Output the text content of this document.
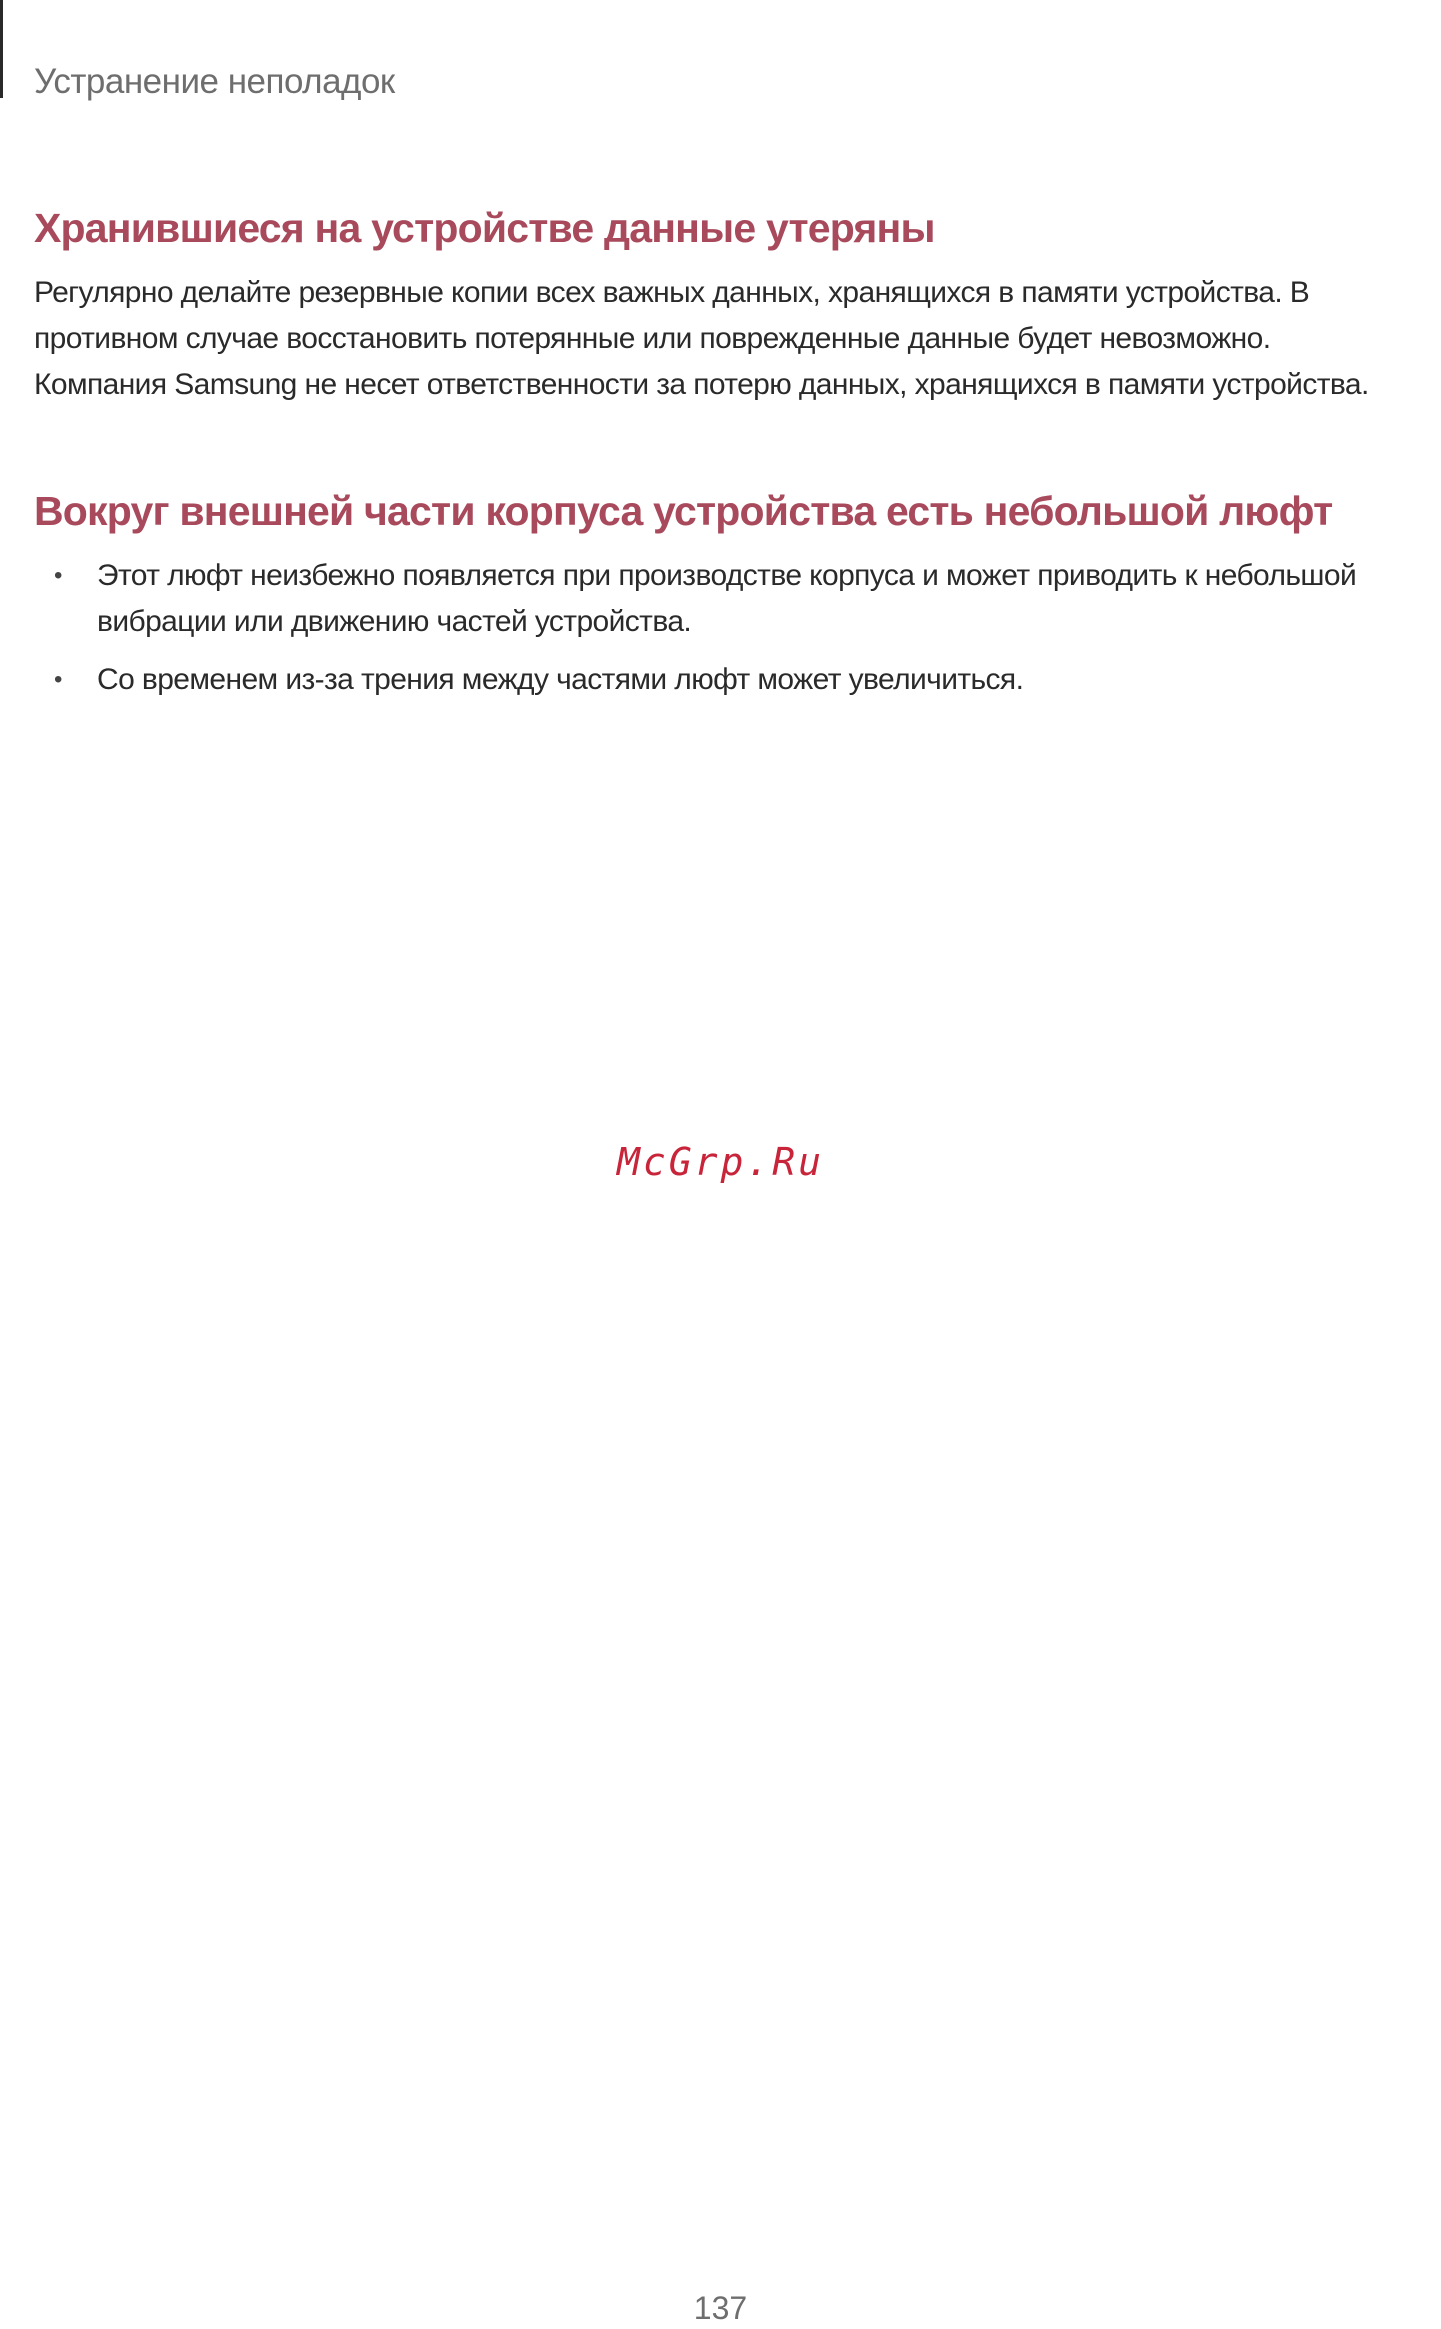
Устранение неполадок
Хранившиеся на устройстве данные утеряны

Регулярно делайте резервные копии всех важных данных, хранящихся в памяти устройства. В
противном случае восстановить потерянные или поврежденные данные будет невозможно.
Компания Samsung не несет ответственности за потерю данных, хранящихся в памяти устройства.

Вокруг внешней части корпуса устройства есть небольшой люфт
• Этот люфт неизбежно появляется при производстве корпуса и может приводить к небольшой
вибрации или движению частей устройства.
• Со временем из-за трения между частями люфт может увеличиться.
McGrp.Ru
137
